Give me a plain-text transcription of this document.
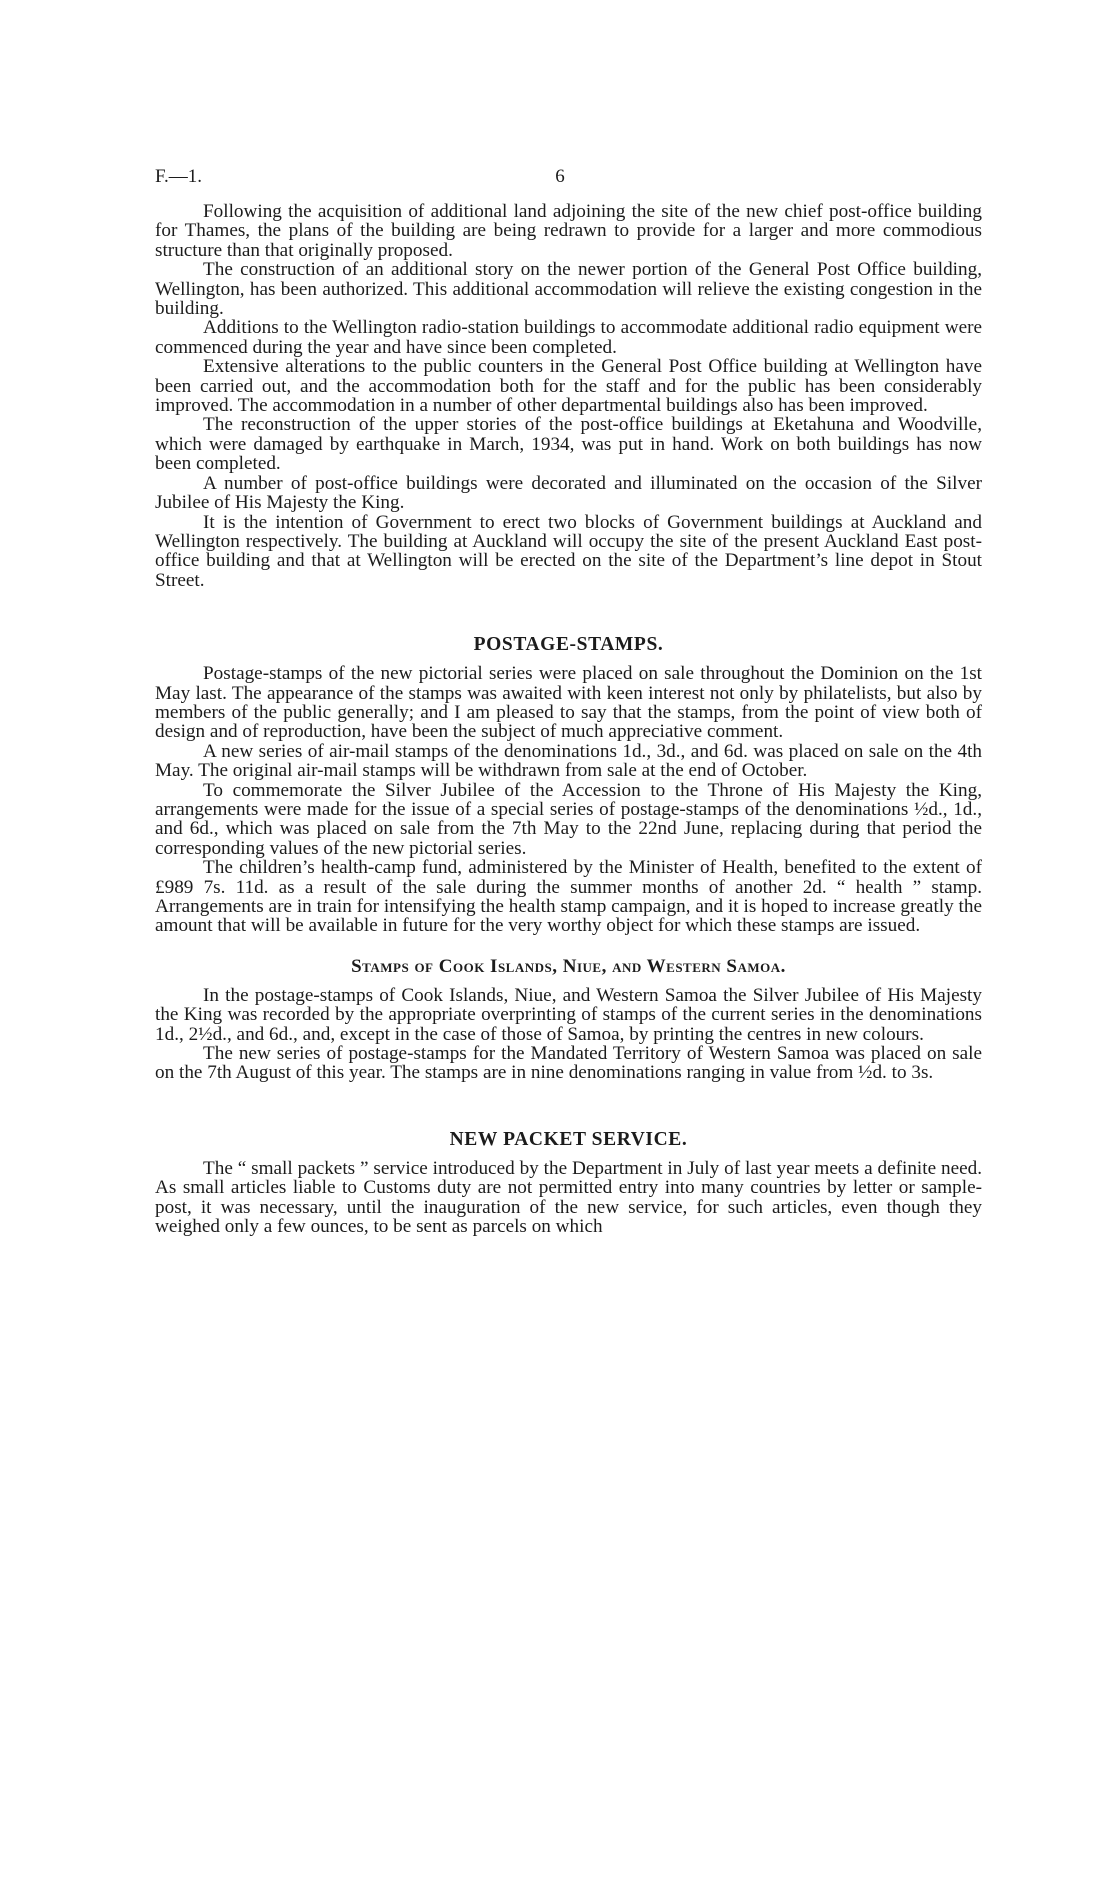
F.—1.	6

Following the acquisition of additional land adjoining the site of the new chief post-office building for Thames, the plans of the building are being redrawn to provide for a larger and more commodious structure than that originally proposed.

The construction of an additional story on the newer portion of the General Post Office building, Wellington, has been authorized. This additional accommodation will relieve the existing congestion in the building.

Additions to the Wellington radio-station buildings to accommodate additional radio equipment were commenced during the year and have since been completed.

Extensive alterations to the public counters in the General Post Office building at Wellington have been carried out, and the accommodation both for the staff and for the public has been considerably improved. The accommodation in a number of other departmental buildings also has been improved.

The reconstruction of the upper stories of the post-office buildings at Eketahuna and Woodville, which were damaged by earthquake in March, 1934, was put in hand. Work on both buildings has now been completed.

A number of post-office buildings were decorated and illuminated on the occasion of the Silver Jubilee of His Majesty the King.

It is the intention of Government to erect two blocks of Government buildings at Auckland and Wellington respectively. The building at Auckland will occupy the site of the present Auckland East post-office building and that at Wellington will be erected on the site of the Department’s line depot in Stout Street.

POSTAGE-STAMPS.

Postage-stamps of the new pictorial series were placed on sale throughout the Dominion on the 1st May last. The appearance of the stamps was awaited with keen interest not only by philatelists, but also by members of the public generally; and I am pleased to say that the stamps, from the point of view both of design and of reproduction, have been the subject of much appreciative comment.

A new series of air-mail stamps of the denominations 1d., 3d., and 6d. was placed on sale on the 4th May. The original air-mail stamps will be withdrawn from sale at the end of October.

To commemorate the Silver Jubilee of the Accession to the Throne of His Majesty the King, arrangements were made for the issue of a special series of postage-stamps of the denominations ½d., 1d., and 6d., which was placed on sale from the 7th May to the 22nd June, replacing during that period the corresponding values of the new pictorial series.

The children’s health-camp fund, administered by the Minister of Health, benefited to the extent of £989 7s. 11d. as a result of the sale during the summer months of another 2d. “ health ” stamp. Arrangements are in train for intensifying the health stamp campaign, and it is hoped to increase greatly the amount that will be available in future for the very worthy object for which these stamps are issued.

Stamps of Cook Islands, Niue, and Western Samoa.

In the postage-stamps of Cook Islands, Niue, and Western Samoa the Silver Jubilee of His Majesty the King was recorded by the appropriate overprinting of stamps of the current series in the denominations 1d., 2½d., and 6d., and, except in the case of those of Samoa, by printing the centres in new colours.

The new series of postage-stamps for the Mandated Territory of Western Samoa was placed on sale on the 7th August of this year. The stamps are in nine denominations ranging in value from ½d. to 3s.

NEW PACKET SERVICE.

The “ small packets ” service introduced by the Department in July of last year meets a definite need. As small articles liable to Customs duty are not permitted entry into many countries by letter or sample-post, it was necessary, until the inauguration of the new service, for such articles, even though they weighed only a few ounces, to be sent as parcels on which
